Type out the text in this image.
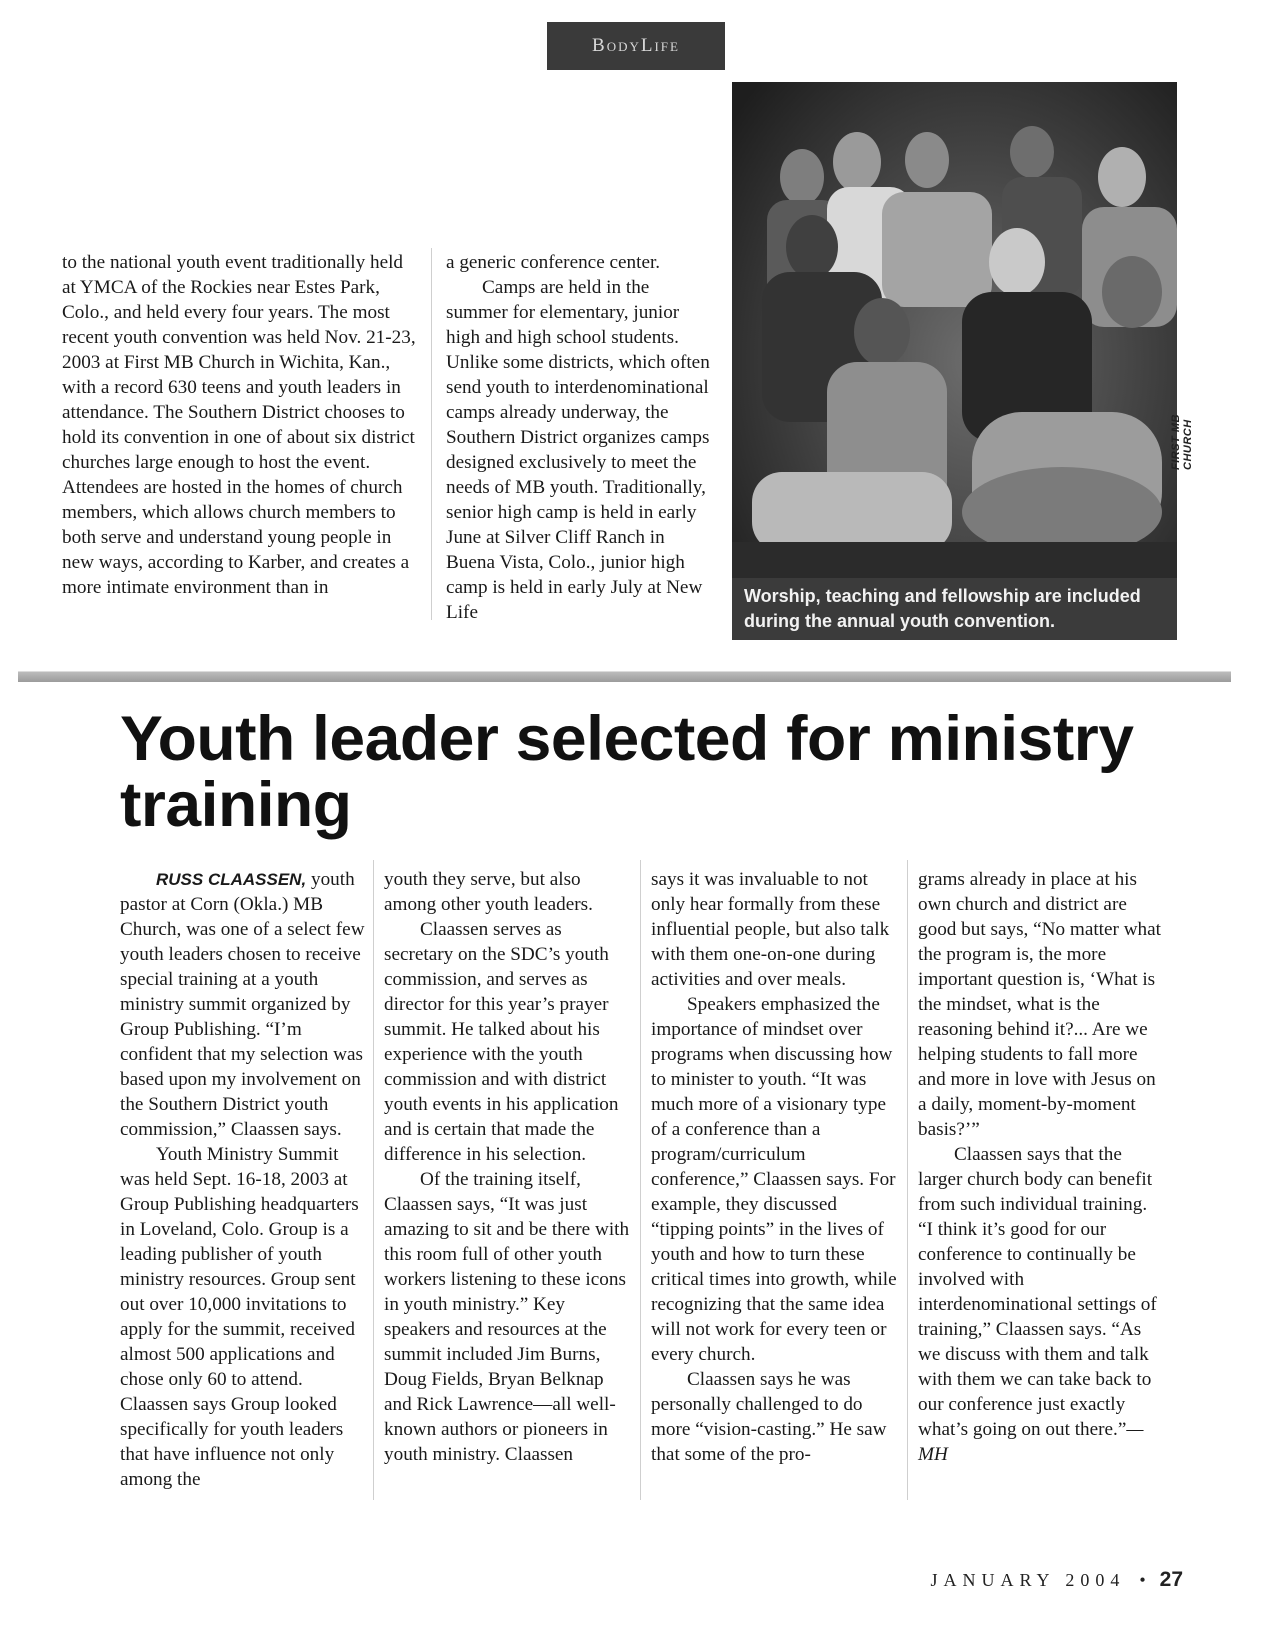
BodyLife

to the national youth event traditionally held at YMCA of the Rockies near Estes Park, Colo., and held every four years. The most recent youth convention was held Nov. 21-23, 2003 at First MB Church in Wichita, Kan., with a record 630 teens and youth leaders in attendance. The Southern District chooses to hold its convention in one of about six district churches large enough to host the event. Attendees are hosted in the homes of church members, which allows church members to both serve and understand young people in new ways, according to Karber, and creates a more intimate environment than in

a generic conference center.

Camps are held in the summer for elementary, junior high and high school students. Unlike some districts, which often send youth to interdenominational camps already underway, the Southern District organizes camps designed exclusively to meet the needs of MB youth. Traditionally, senior high camp is held in early June at Silver Cliff Ranch in Buena Vista, Colo., junior high camp is held in early July at New Life

Worship, teaching and fellowship are included during the annual youth convention.
FIRST MB CHURCH
Youth leader selected for ministry training

RUSS CLAASSEN, youth pastor at Corn (Okla.) MB Church, was one of a select few youth leaders chosen to receive special training at a youth ministry summit organized by Group Publishing. “I’m confident that my selection was based upon my involvement on the Southern District youth commission,” Claassen says.

Youth Ministry Summit was held Sept. 16-18, 2003 at Group Publishing headquarters in Loveland, Colo. Group is a leading publisher of youth ministry resources. Group sent out over 10,000 invitations to apply for the summit, received almost 500 applications and chose only 60 to attend. Claassen says Group looked specifically for youth leaders that have influence not only among the

youth they serve, but also among other youth leaders.

Claassen serves as secretary on the SDC’s youth commission, and serves as director for this year’s prayer summit. He talked about his experience with the youth commission and with district youth events in his application and is certain that made the difference in his selection.

Of the training itself, Claassen says, “It was just amazing to sit and be there with this room full of other youth workers listening to these icons in youth ministry.” Key speakers and resources at the summit included Jim Burns, Doug Fields, Bryan Belknap and Rick Lawrence—all well-known authors or pioneers in youth ministry. Claassen

says it was invaluable to not only hear formally from these influential people, but also talk with them one-on-one during activities and over meals.

Speakers emphasized the importance of mindset over programs when discussing how to minister to youth. “It was much more of a visionary type of a conference than a program/curriculum conference,” Claassen says. For example, they discussed “tipping points” in the lives of youth and how to turn these critical times into growth, while recognizing that the same idea will not work for every teen or every church.

Claassen says he was personally challenged to do more “vision-casting.” He saw that some of the pro-

grams already in place at his own church and district are good but says, “No matter what the program is, the more important question is, ‘What is the mindset, what is the reasoning behind it?... Are we helping students to fall more and more in love with Jesus on a daily, moment-by-moment basis?’”

Claassen says that the larger church body can benefit from such individual training. “I think it’s good for our conference to continually be involved with interdenominational settings of training,” Claassen says. “As we discuss with them and talk with them we can take back to our conference just exactly what’s going on out there.”—MH

JANUARY 2004 • 27
